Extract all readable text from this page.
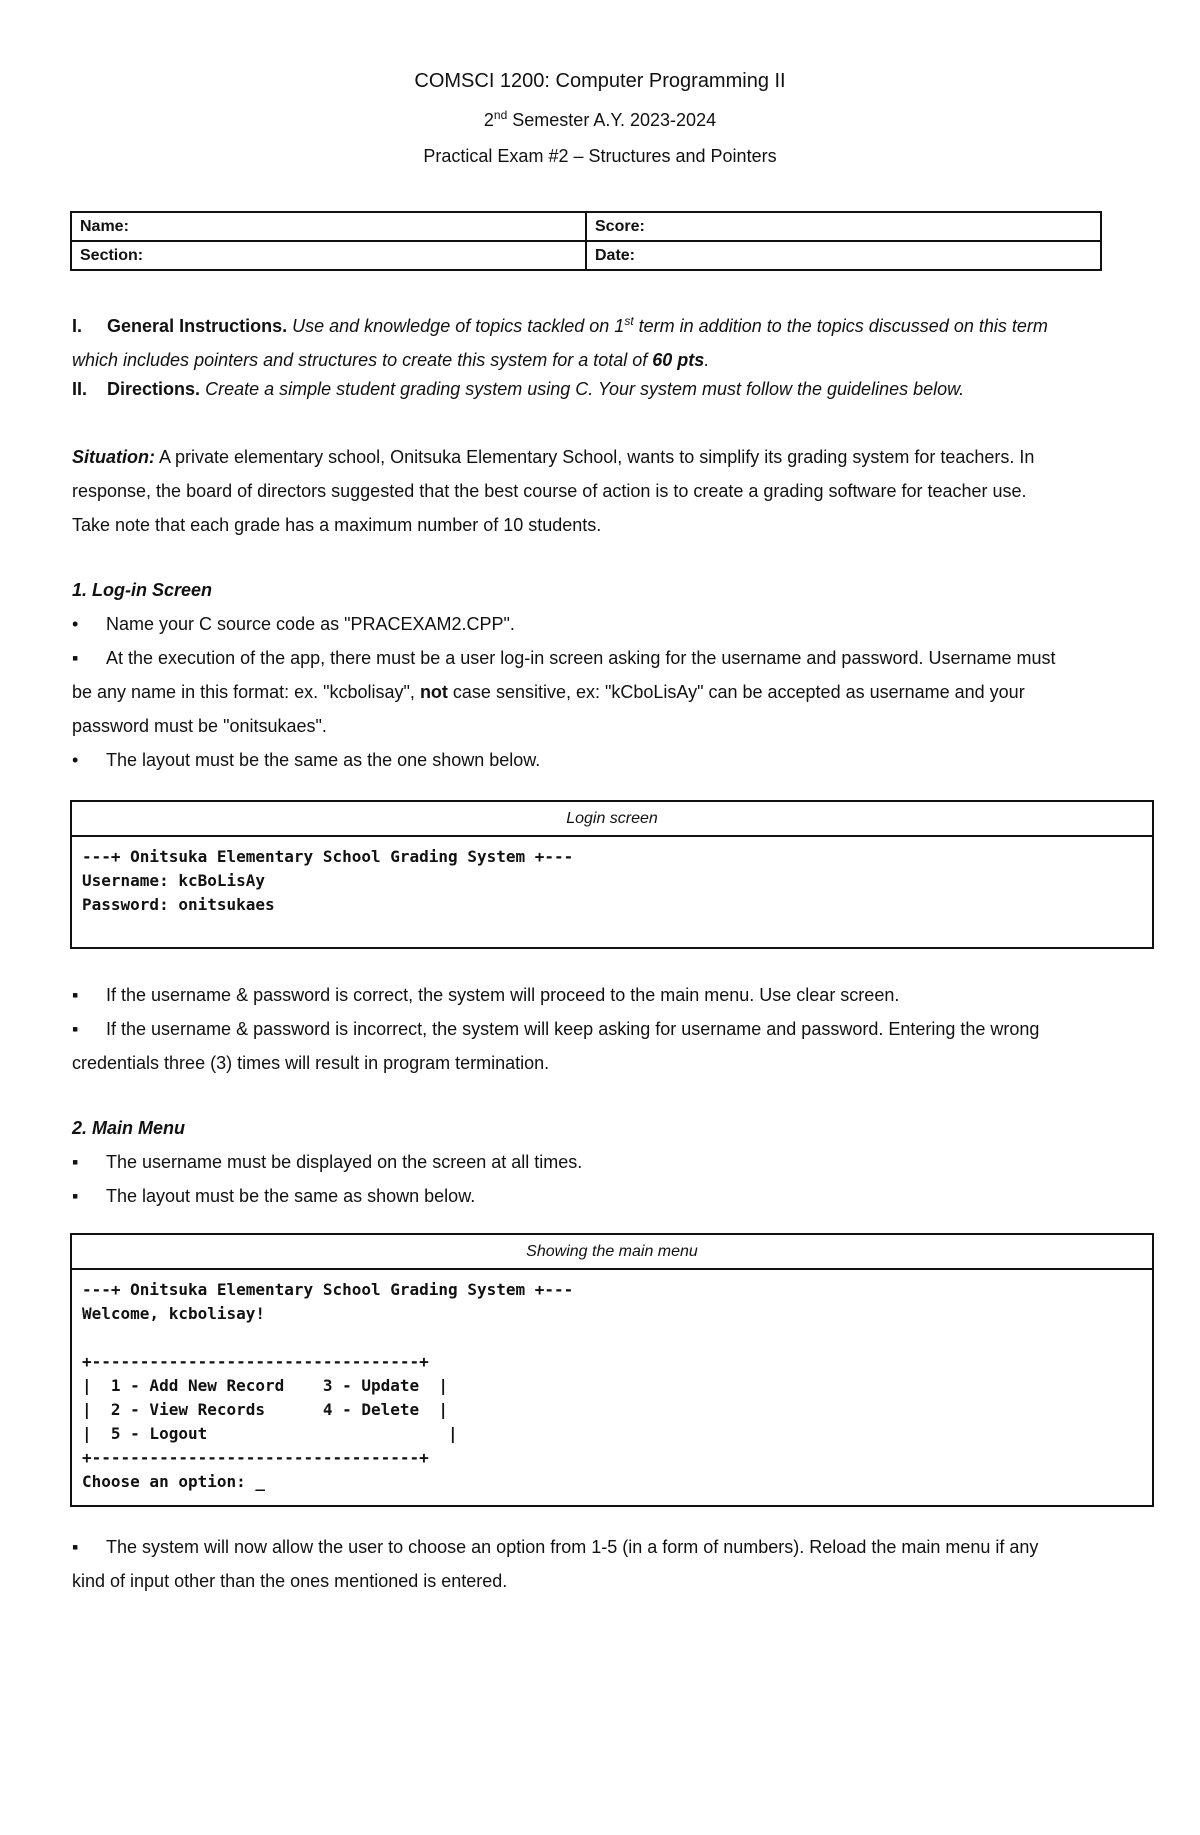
COMSCI 1200: Computer Programming II
2nd Semester A.Y. 2023-2024
Practical Exam #2 – Structures and Pointers
Name:	Score:
Section:	Date:
I. General Instructions. Use and knowledge of topics tackled on 1st term in addition to the topics discussed on this term
which includes pointers and structures to create this system for a total of 60 pts.
II. Directions. Create a simple student grading system using C. Your system must follow the guidelines below.
Situation: A private elementary school, Onitsuka Elementary School, wants to simplify its grading system for teachers. In
response, the board of directors suggested that the best course of action is to create a grading software for teacher use.
Take note that each grade has a maximum number of 10 students.
1. Log-in Screen
• Name your C source code as "PRACEXAM2.CPP".
▪ At the execution of the app, there must be a user log-in screen asking for the username and password. Username must
be any name in this format: ex. "kcbolisay", not case sensitive, ex: "kCboLisAy" can be accepted as username and your
password must be "onitsukaes".
• The layout must be the same as the one shown below.
Login screen
---+ Onitsuka Elementary School Grading System +---
Username: kcBoLisAy
Password: onitsukaes
▪ If the username & password is correct, the system will proceed to the main menu. Use clear screen.
▪ If the username & password is incorrect, the system will keep asking for username and password. Entering the wrong
credentials three (3) times will result in program termination.
2. Main Menu
▪ The username must be displayed on the screen at all times.
▪ The layout must be the same as shown below.
Showing the main menu
---+ Onitsuka Elementary School Grading System +---
Welcome, kcbolisay!

+----------------------------------+
|  1 - Add New Record    3 - Update  |
|  2 - View Records      4 - Delete  |
|  5 - Logout                         |
+----------------------------------+
Choose an option: _
▪ The system will now allow the user to choose an option from 1-5 (in a form of numbers). Reload the main menu if any
kind of input other than the ones mentioned is entered.
